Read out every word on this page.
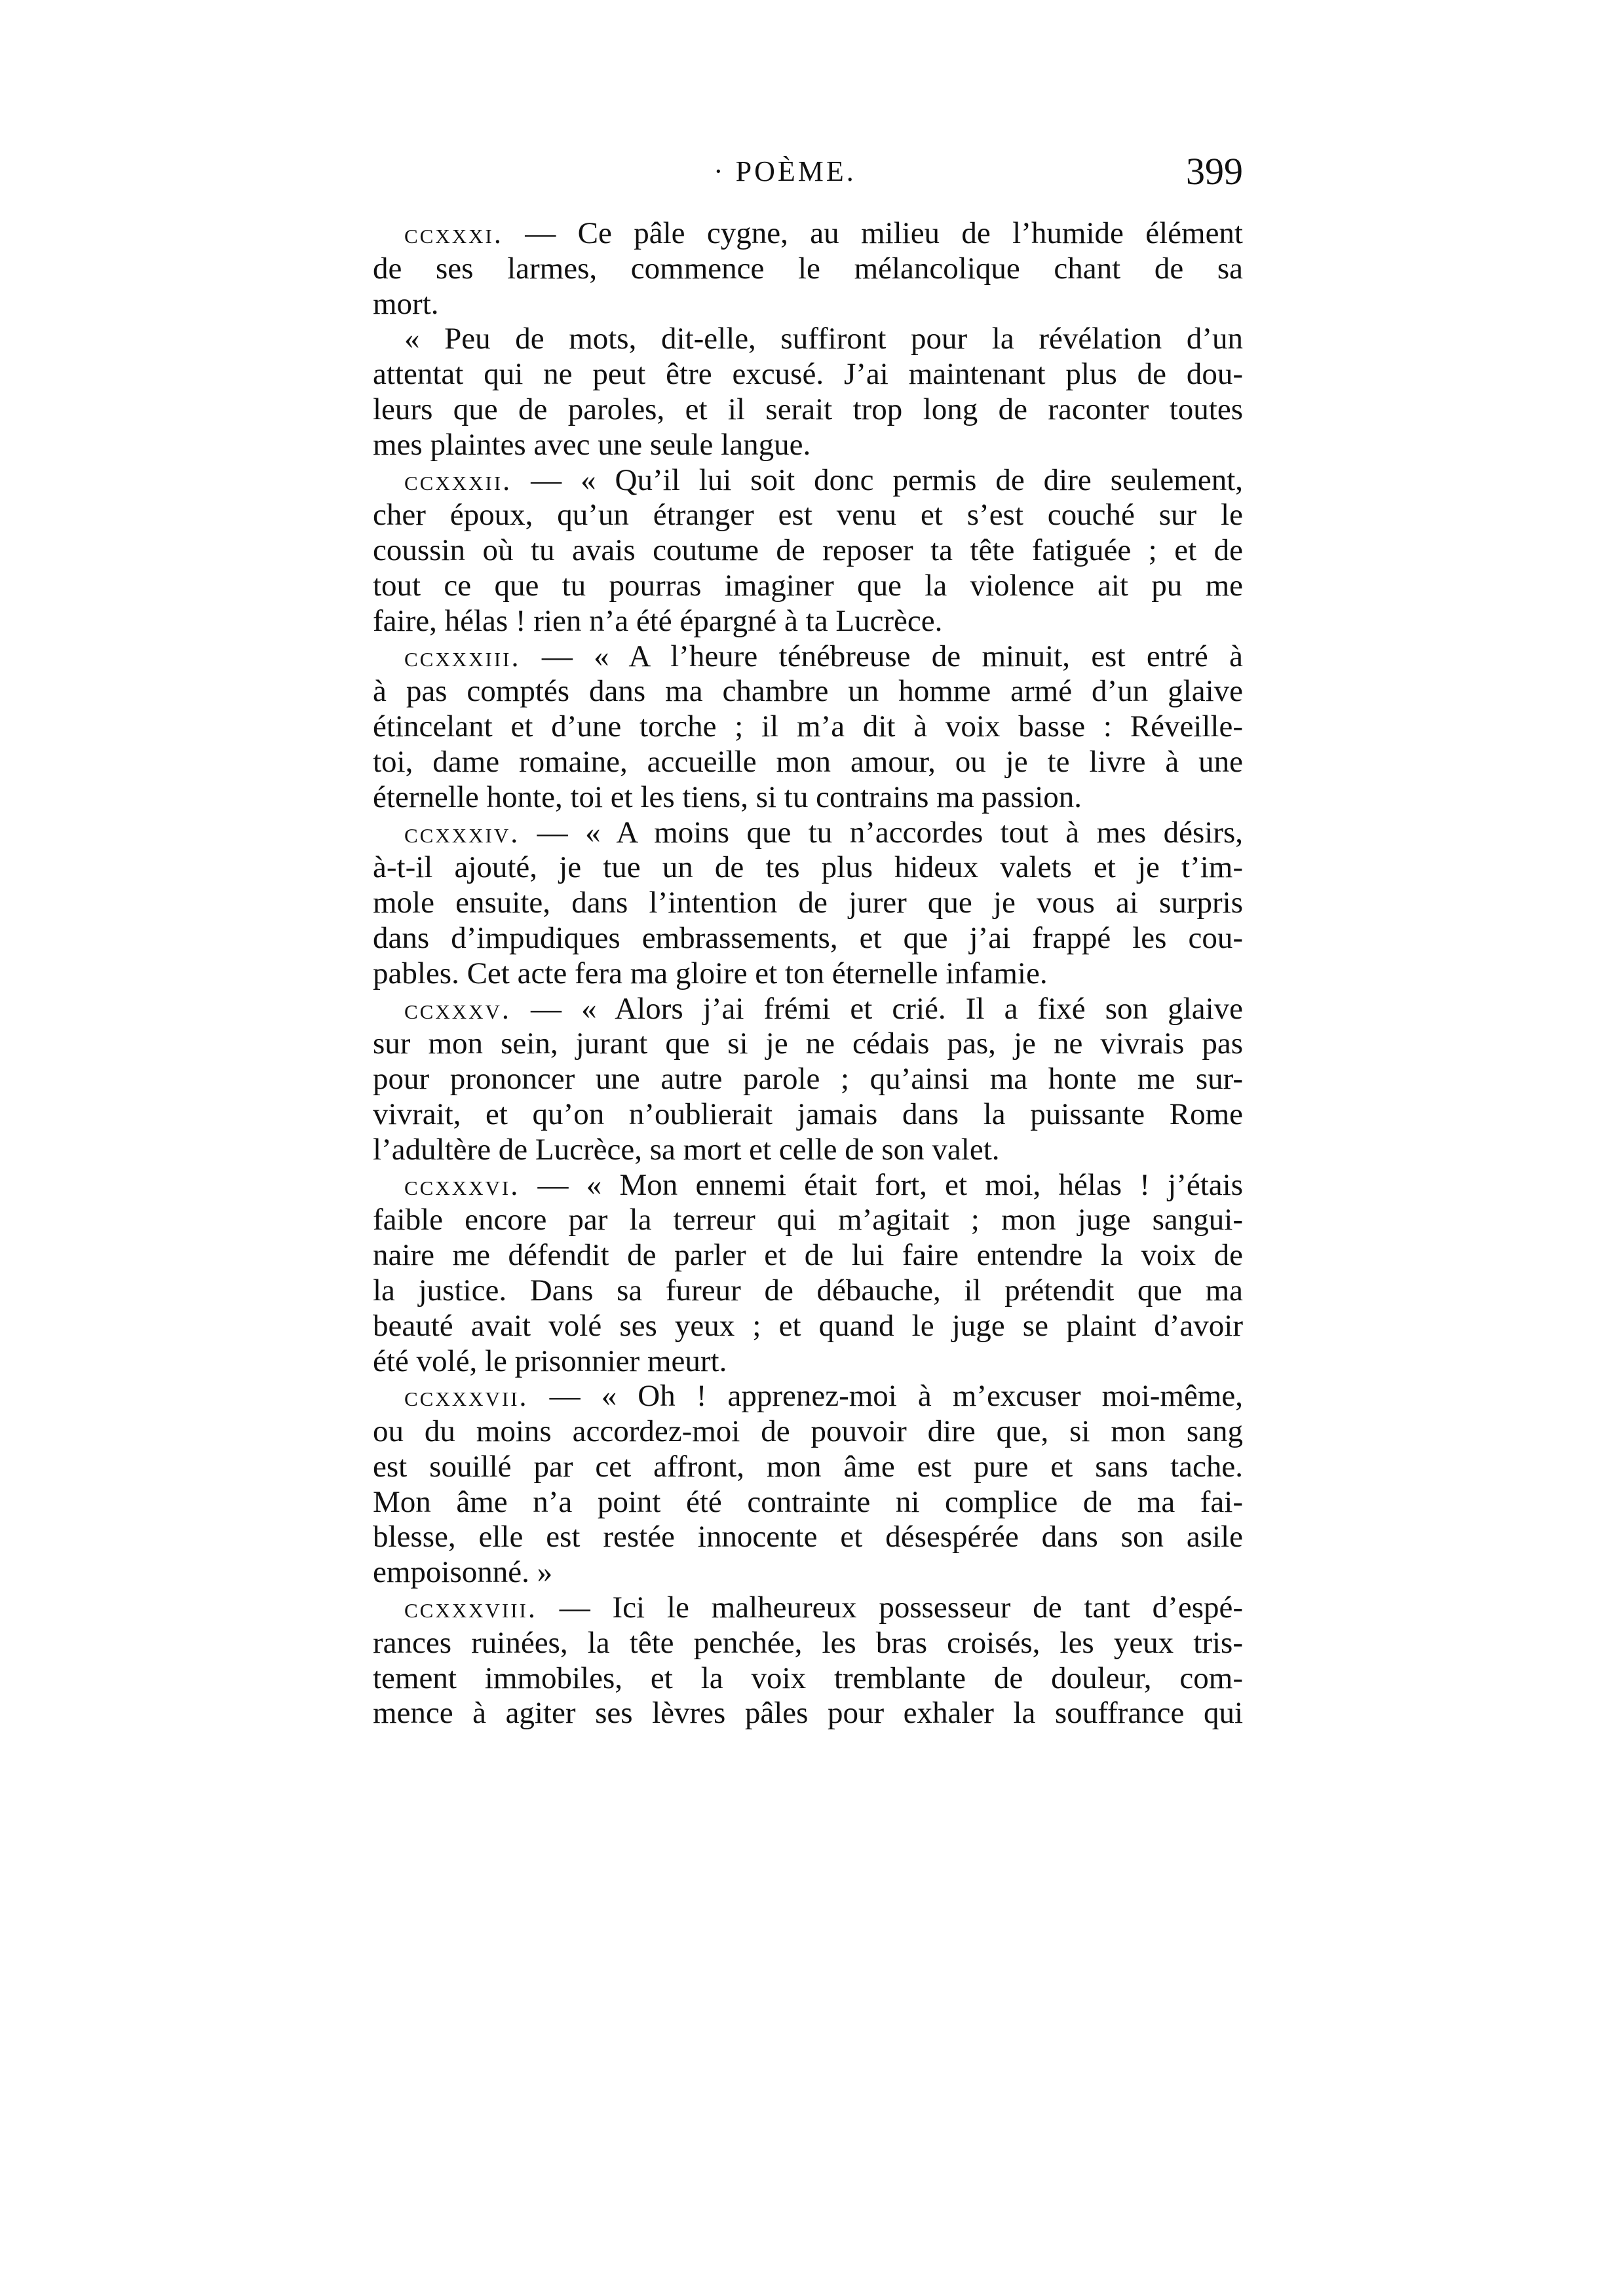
· POÈME.	399
ccxxxi. — Ce pâle cygne, au milieu de l’humide élément
de ses larmes, commence le mélancolique chant de sa
mort.
« Peu de mots, dit-elle, suffiront pour la révélation d’un
attentat qui ne peut être excusé. J’ai maintenant plus de dou-
leurs que de paroles, et il serait trop long de raconter toutes
mes plaintes avec une seule langue.
ccxxxii. — « Qu’il lui soit donc permis de dire seulement,
cher époux, qu’un étranger est venu et s’est couché sur le
coussin où tu avais coutume de reposer ta tête fatiguée ; et de
tout ce que tu pourras imaginer que la violence ait pu me
faire, hélas ! rien n’a été épargné à ta Lucrèce.
ccxxxiii. — « A l’heure ténébreuse de minuit, est entré à
à pas comptés dans ma chambre un homme armé d’un glaive
étincelant et d’une torche ; il m’a dit à voix basse : Réveille-
toi, dame romaine, accueille mon amour, ou je te livre à une
éternelle honte, toi et les tiens, si tu contrains ma passion.
ccxxxiv. — « A moins que tu n’accordes tout à mes désirs,
à-t-il ajouté, je tue un de tes plus hideux valets et je t’im-
mole ensuite, dans l’intention de jurer que je vous ai surpris
dans d’impudiques embrassements, et que j’ai frappé les cou-
pables. Cet acte fera ma gloire et ton éternelle infamie.
ccxxxv. — « Alors j’ai frémi et crié. Il a fixé son glaive
sur mon sein, jurant que si je ne cédais pas, je ne vivrais pas
pour prononcer une autre parole ; qu’ainsi ma honte me sur-
vivrait, et qu’on n’oublierait jamais dans la puissante Rome
l’adultère de Lucrèce, sa mort et celle de son valet.
ccxxxvi. — « Mon ennemi était fort, et moi, hélas ! j’étais
faible encore par la terreur qui m’agitait ; mon juge sangui-
naire me défendit de parler et de lui faire entendre la voix de
la justice. Dans sa fureur de débauche, il prétendit que ma
beauté avait volé ses yeux ; et quand le juge se plaint d’avoir
été volé, le prisonnier meurt.
ccxxxvii. — « Oh ! apprenez-moi à m’excuser moi-même,
ou du moins accordez-moi de pouvoir dire que, si mon sang
est souillé par cet affront, mon âme est pure et sans tache.
Mon âme n’a point été contrainte ni complice de ma fai-
blesse, elle est restée innocente et désespérée dans son asile
empoisonné. »
ccxxxviii. — Ici le malheureux possesseur de tant d’espé-
rances ruinées, la tête penchée, les bras croisés, les yeux tris-
tement immobiles, et la voix tremblante de douleur, com-
mence à agiter ses lèvres pâles pour exhaler la souffrance qui
